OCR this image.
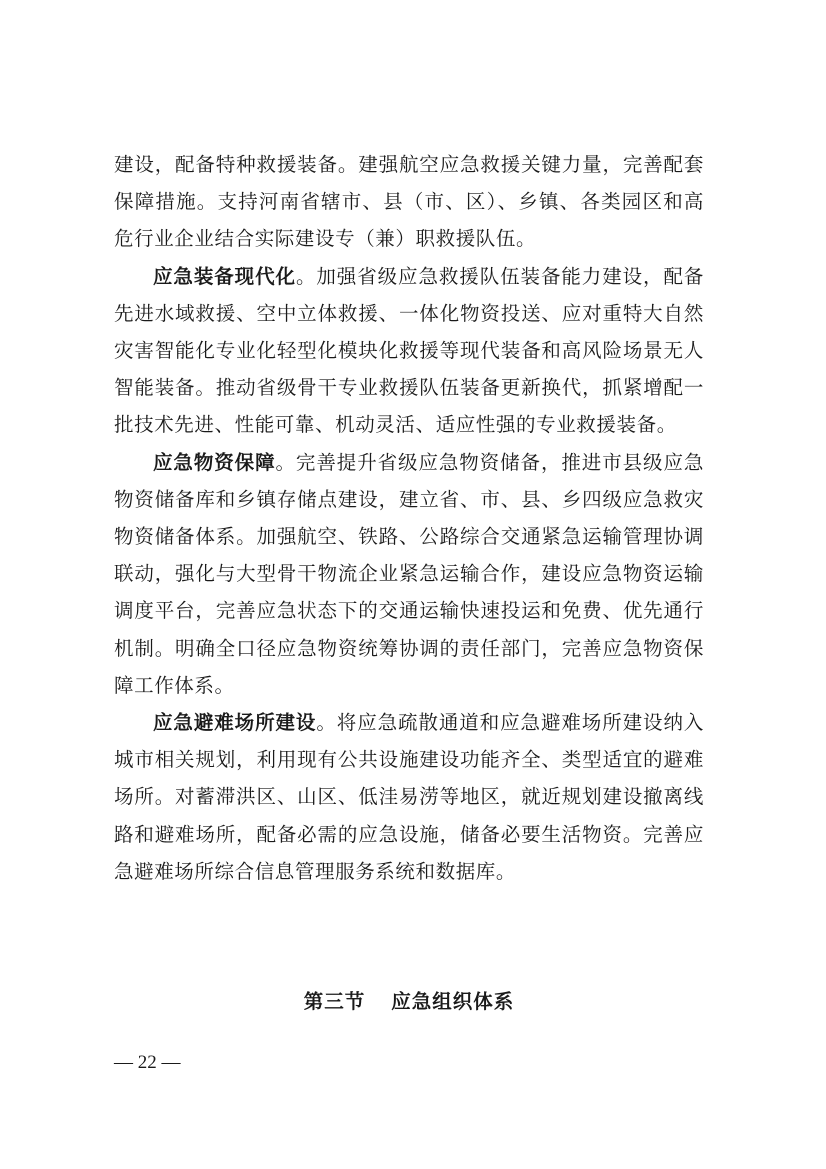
建设，配备特种救援装备。建强航空应急救援关键力量，完善配套保障措施。支持河南省辖市、县（市、区）、乡镇、各类园区和高危行业企业结合实际建设专（兼）职救援队伍。

应急装备现代化。加强省级应急救援队伍装备能力建设，配备先进水域救援、空中立体救援、一体化物资投送、应对重特大自然灾害智能化专业化轻型化模块化救援等现代装备和高风险场景无人智能装备。推动省级骨干专业救援队伍装备更新换代，抓紧增配一批技术先进、性能可靠、机动灵活、适应性强的专业救援装备。

应急物资保障。完善提升省级应急物资储备，推进市县级应急物资储备库和乡镇存储点建设，建立省、市、县、乡四级应急救灾物资储备体系。加强航空、铁路、公路综合交通紧急运输管理协调联动，强化与大型骨干物流企业紧急运输合作，建设应急物资运输调度平台，完善应急状态下的交通运输快速投运和免费、优先通行机制。明确全口径应急物资统筹协调的责任部门，完善应急物资保障工作体系。

应急避难场所建设。将应急疏散通道和应急避难场所建设纳入城市相关规划，利用现有公共设施建设功能齐全、类型适宜的避难场所。对蓄滞洪区、山区、低洼易涝等地区，就近规划建设撤离线路和避难场所，配备必需的应急设施，储备必要生活物资。完善应急避难场所综合信息管理服务系统和数据库。

第三节 应急组织体系
— 22 —
